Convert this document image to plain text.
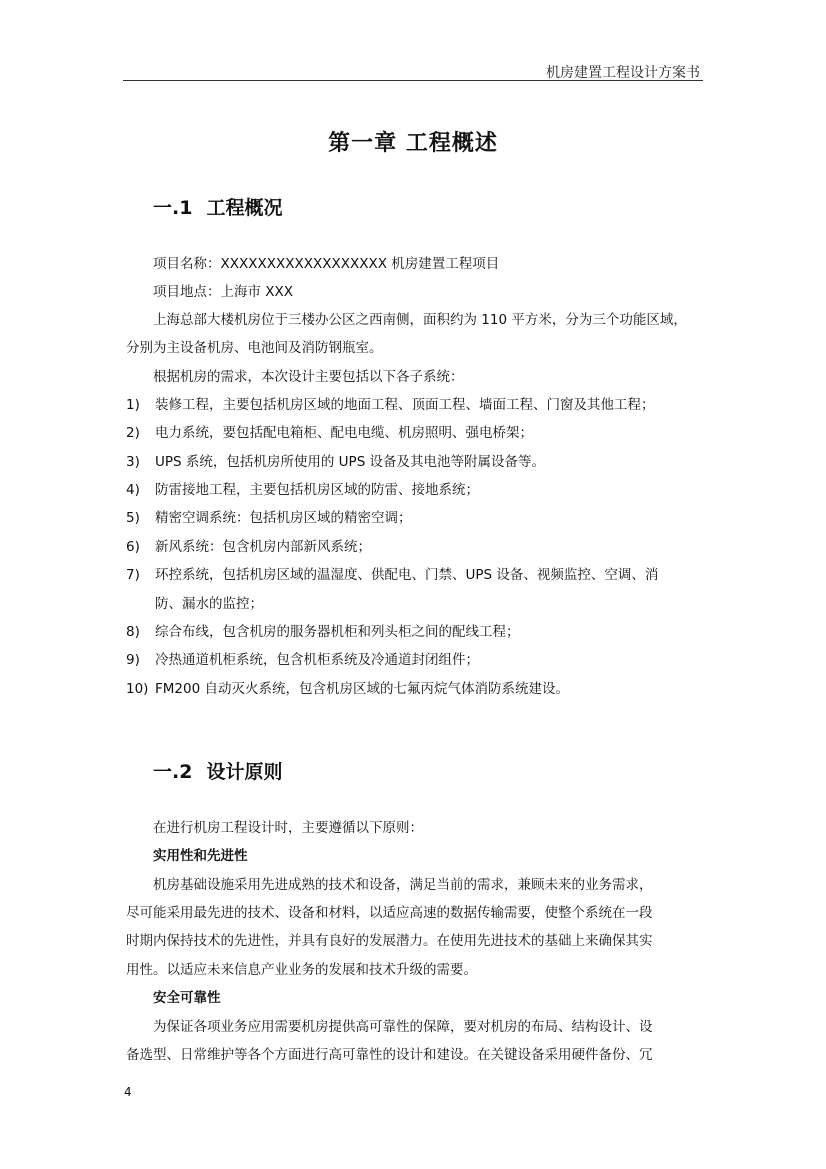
机房建置工程设计方案书
第一章 工程概述
一.1 工程概况
项目名称：XXXXXXXXXXXXXXXXXX 机房建置工程项目
项目地点：上海市 XXX
上海总部大楼机房位于三楼办公区之西南侧，面积约为 110 平方米，分为三个功能区域，
分别为主设备机房、电池间及消防钢瓶室。
根据机房的需求，本次设计主要包括以下各子系统：
1) 装修工程，主要包括机房区域的地面工程、顶面工程、墙面工程、门窗及其他工程；
2) 电力系统，要包括配电箱柜、配电电缆、机房照明、强电桥架；
3) UPS 系统，包括机房所使用的 UPS 设备及其电池等附属设备等。
4) 防雷接地工程，主要包括机房区域的防雷、接地系统；
5) 精密空调系统：包括机房区域的精密空调；
6) 新风系统：包含机房内部新风系统；
7) 环控系统，包括机房区域的温湿度、供配电、门禁、UPS 设备、视频监控、空调、消
防、漏水的监控；
8) 综合布线，包含机房的服务器机柜和列头柜之间的配线工程；
9) 冷热通道机柜系统，包含机柜系统及冷通道封闭组件；
10) FM200 自动灭火系统，包含机房区域的七氟丙烷气体消防系统建设。
一.2 设计原则
在进行机房工程设计时，主要遵循以下原则：
实用性和先进性
机房基础设施采用先进成熟的技术和设备，满足当前的需求，兼顾未来的业务需求，
尽可能采用最先进的技术、设备和材料，以适应高速的数据传输需要，使整个系统在一段
时期内保持技术的先进性，并具有良好的发展潜力。在使用先进技术的基础上来确保其实
用性。以适应未来信息产业业务的发展和技术升级的需要。
安全可靠性
为保证各项业务应用需要机房提供高可靠性的保障，要对机房的布局、结构设计、设
备选型、日常维护等各个方面进行高可靠性的设计和建设。在关键设备采用硬件备份、冗
4
